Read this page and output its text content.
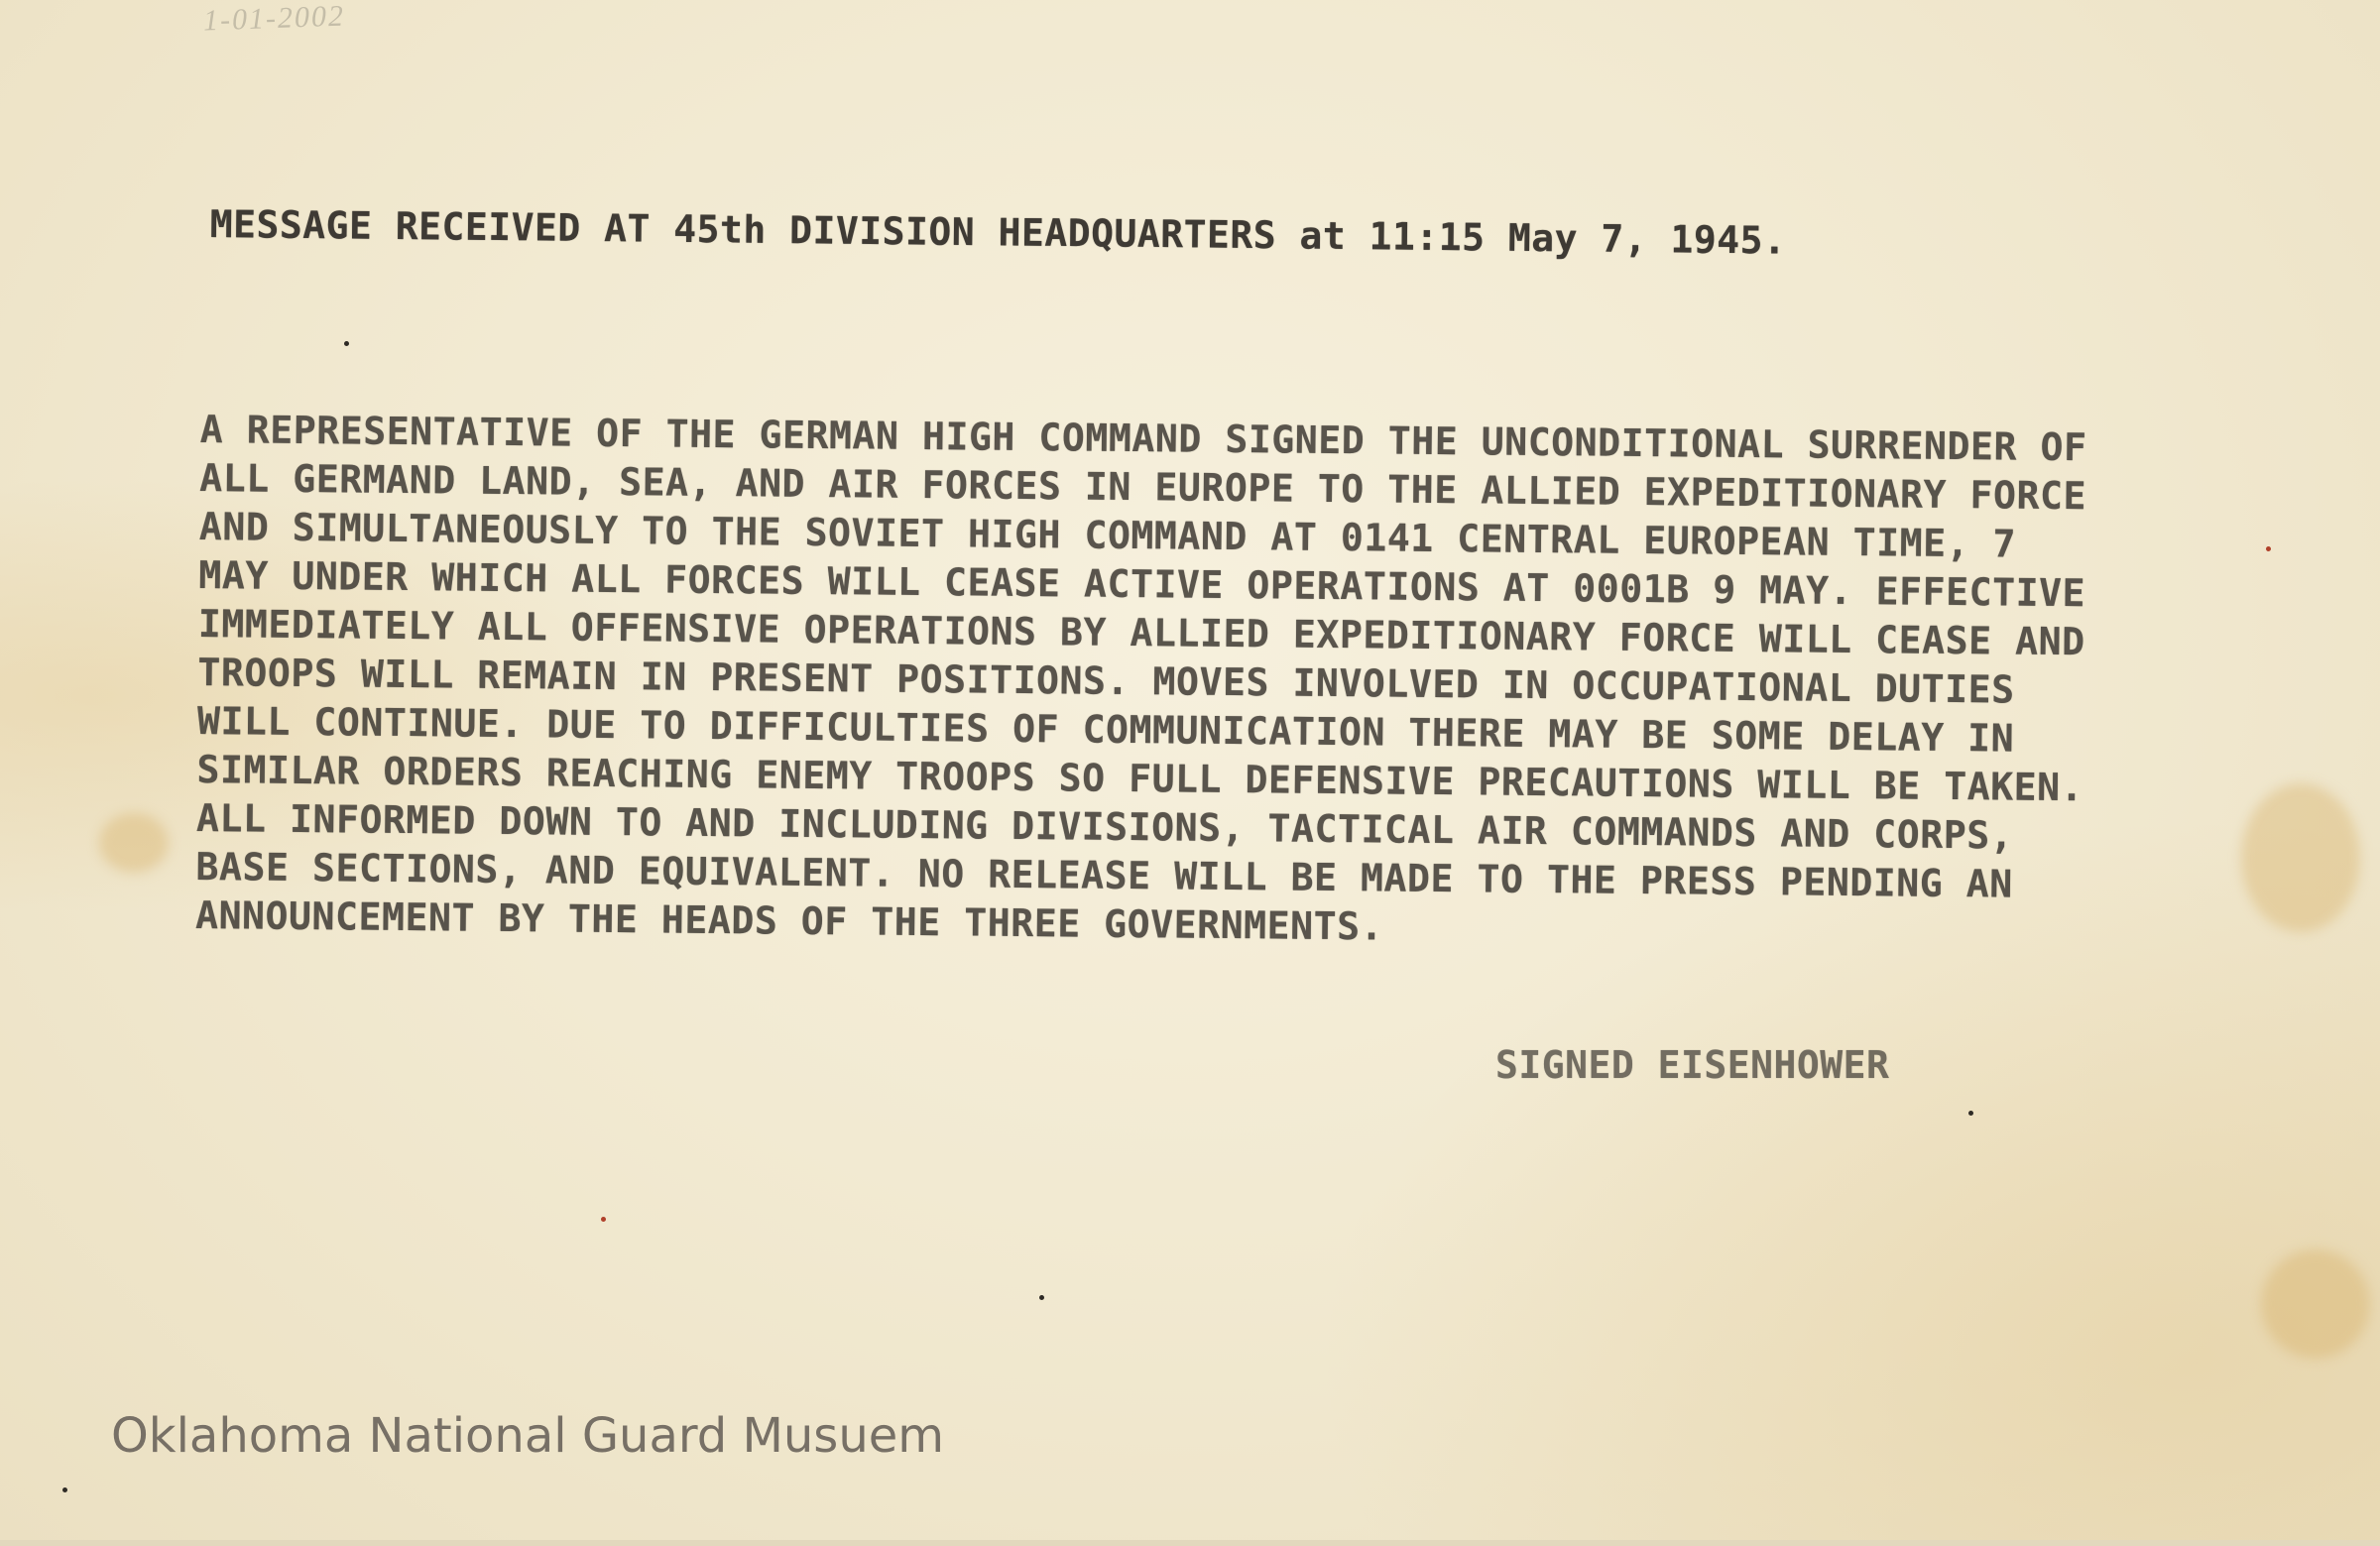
1-01-2002

MESSAGE RECEIVED AT 45th DIVISION HEADQUARTERS at 11:15 May 7, 1945.

A REPRESENTATIVE OF THE GERMAN HIGH COMMAND SIGNED THE UNCONDITIONAL SURRENDER OF
ALL GERMAND LAND, SEA, AND AIR FORCES IN EUROPE TO THE ALLIED EXPEDITIONARY FORCE
AND SIMULTANEOUSLY TO THE SOVIET HIGH COMMAND AT 0141 CENTRAL EUROPEAN TIME, 7
MAY UNDER WHICH ALL FORCES WILL CEASE ACTIVE OPERATIONS AT 0001B 9 MAY. EFFECTIVE
IMMEDIATELY ALL OFFENSIVE OPERATIONS BY ALLIED EXPEDITIONARY FORCE WILL CEASE AND
TROOPS WILL REMAIN IN PRESENT POSITIONS. MOVES INVOLVED IN OCCUPATIONAL DUTIES
WILL CONTINUE. DUE TO DIFFICULTIES OF COMMUNICATION THERE MAY BE SOME DELAY IN
SIMILAR ORDERS REACHING ENEMY TROOPS SO FULL DEFENSIVE PRECAUTIONS WILL BE TAKEN.
ALL INFORMED DOWN TO AND INCLUDING DIVISIONS, TACTICAL AIR COMMANDS AND CORPS,
BASE SECTIONS, AND EQUIVALENT. NO RELEASE WILL BE MADE TO THE PRESS PENDING AN
ANNOUNCEMENT BY THE HEADS OF THE THREE GOVERNMENTS.

SIGNED EISENHOWER

Oklahoma National Guard Musuem
